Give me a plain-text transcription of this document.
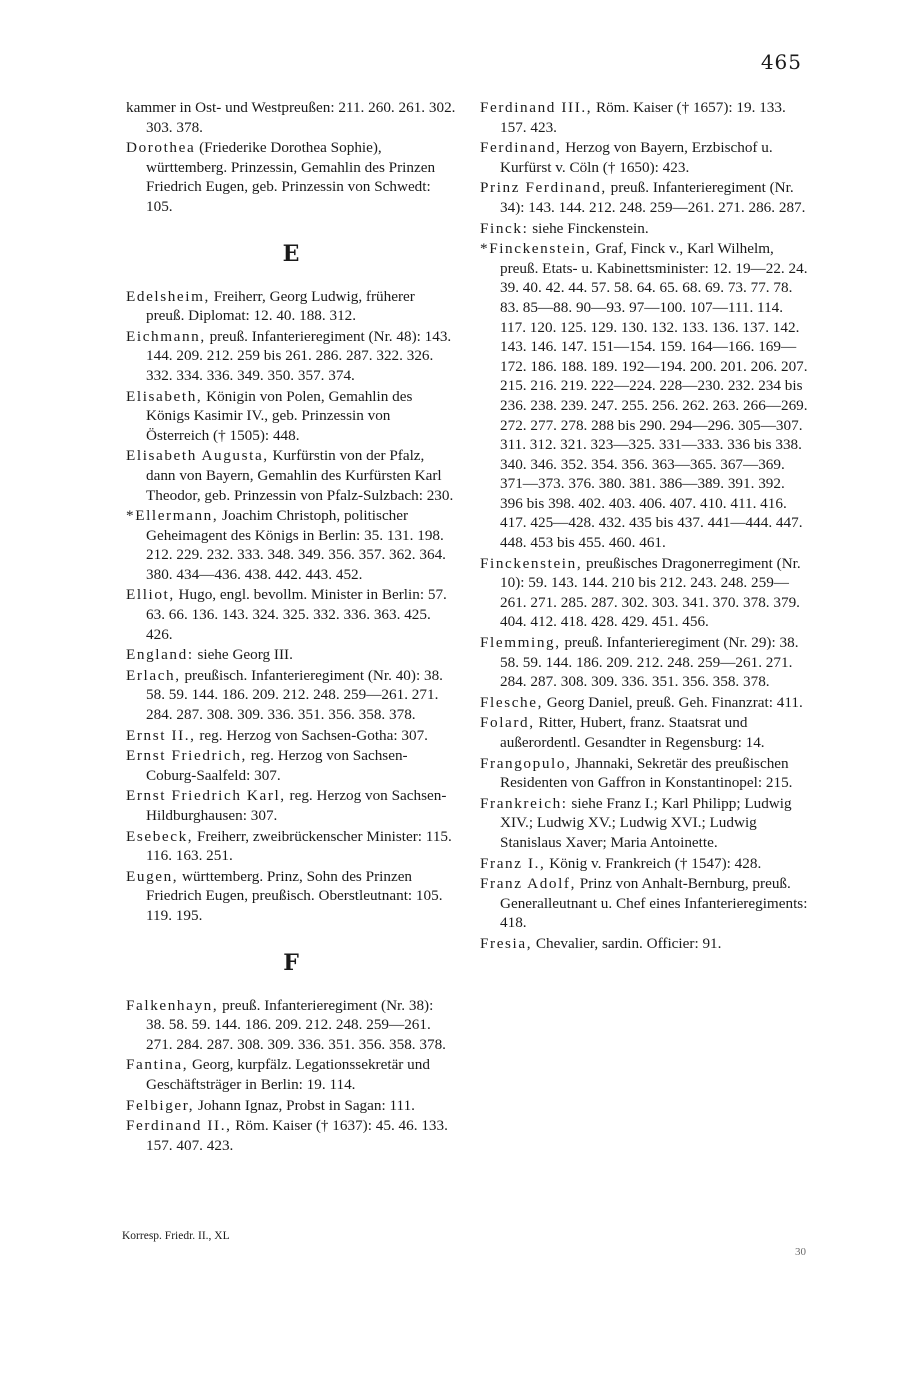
465

kammer in Ost- und Westpreußen: 211. 260. 261. 302. 303. 378.

Dorothea (Friederike Dorothea Sophie), württemberg. Prinzessin, Gemahlin des Prinzen Friedrich Eugen, geb. Prinzessin von Schwedt: 105.

E

Edelsheim, Freiherr, Georg Ludwig, früherer preuß. Diplomat: 12. 40. 188. 312.

Eichmann, preuß. Infanterieregiment (Nr. 48): 143. 144. 209. 212. 259 bis 261. 286. 287. 322. 326. 332. 334. 336. 349. 350. 357. 374.

Elisabeth, Königin von Polen, Gemahlin des Königs Kasimir IV., geb. Prinzessin von Österreich († 1505): 448.

Elisabeth Augusta, Kurfürstin von der Pfalz, dann von Bayern, Gemahlin des Kurfürsten Karl Theodor, geb. Prinzessin von Pfalz-Sulzbach: 230.

*Ellermann, Joachim Christoph, politischer Geheimagent des Königs in Berlin: 35. 131. 198. 212. 229. 232. 333. 348. 349. 356. 357. 362. 364. 380. 434—436. 438. 442. 443. 452.

Elliot, Hugo, engl. bevollm. Minister in Berlin: 57. 63. 66. 136. 143. 324. 325. 332. 336. 363. 425. 426.

England: siehe Georg III.

Erlach, preußisch. Infanterieregiment (Nr. 40): 38. 58. 59. 144. 186. 209. 212. 248. 259—261. 271. 284. 287. 308. 309. 336. 351. 356. 358. 378.

Ernst II., reg. Herzog von Sachsen-Gotha: 307.

Ernst Friedrich, reg. Herzog von Sachsen-Coburg-Saalfeld: 307.

Ernst Friedrich Karl, reg. Herzog von Sachsen-Hildburghausen: 307.

Esebeck, Freiherr, zweibrückenscher Minister: 115. 116. 163. 251.

Eugen, württemberg. Prinz, Sohn des Prinzen Friedrich Eugen, preußisch. Oberstleutnant: 105. 119. 195.

F

Falkenhayn, preuß. Infanterieregiment (Nr. 38): 38. 58. 59. 144. 186. 209. 212. 248. 259—261. 271. 284. 287. 308. 309. 336. 351. 356. 358. 378.

Fantina, Georg, kurpfälz. Legationssekretär und Geschäftsträger in Berlin: 19. 114.

Felbiger, Johann Ignaz, Probst in Sagan: 111.

Ferdinand II., Röm. Kaiser († 1637): 45. 46. 133. 157. 407. 423.

Ferdinand III., Röm. Kaiser († 1657): 19. 133. 157. 423.

Ferdinand, Herzog von Bayern, Erzbischof u. Kurfürst v. Cöln († 1650): 423.

Prinz Ferdinand, preuß. Infanterieregiment (Nr. 34): 143. 144. 212. 248. 259—261. 271. 286. 287.

Finck: siehe Finckenstein.

*Finckenstein, Graf, Finck v., Karl Wilhelm, preuß. Etats- u. Kabinettsminister: 12. 19—22. 24. 39. 40. 42. 44. 57. 58. 64. 65. 68. 69. 73. 77. 78. 83. 85—88. 90—93. 97—100. 107—111. 114. 117. 120. 125. 129. 130. 132. 133. 136. 137. 142. 143. 146. 147. 151—154. 159. 164—166. 169—172. 186. 188. 189. 192—194. 200. 201. 206. 207. 215. 216. 219. 222—224. 228—230. 232. 234 bis 236. 238. 239. 247. 255. 256. 262. 263. 266—269. 272. 277. 278. 288 bis 290. 294—296. 305—307. 311. 312. 321. 323—325. 331—333. 336 bis 338. 340. 346. 352. 354. 356. 363—365. 367—369. 371—373. 376. 380. 381. 386—389. 391. 392. 396 bis 398. 402. 403. 406. 407. 410. 411. 416. 417. 425—428. 432. 435 bis 437. 441—444. 447. 448. 453 bis 455. 460. 461.

Finckenstein, preußisches Dragonerregiment (Nr. 10): 59. 143. 144. 210 bis 212. 243. 248. 259—261. 271. 285. 287. 302. 303. 341. 370. 378. 379. 404. 412. 418. 428. 429. 451. 456.

Flemming, preuß. Infanterieregiment (Nr. 29): 38. 58. 59. 144. 186. 209. 212. 248. 259—261. 271. 284. 287. 308. 309. 336. 351. 356. 358. 378.

Flesche, Georg Daniel, preuß. Geh. Finanzrat: 411.

Folard, Ritter, Hubert, franz. Staatsrat und außerordentl. Gesandter in Regensburg: 14.

Frangopulo, Jhannaki, Sekretär des preußischen Residenten von Gaffron in Konstantinopel: 215.

Frankreich: siehe Franz I.; Karl Philipp; Ludwig XIV.; Ludwig XV.; Ludwig XVI.; Ludwig Stanislaus Xaver; Maria Antoinette.

Franz I., König v. Frankreich († 1547): 428.

Franz Adolf, Prinz von Anhalt-Bernburg, preuß. Generalleutnant u. Chef eines Infanterieregiments: 418.

Fresia, Chevalier, sardin. Officier: 91.

Korresp. Friedr. II., XL
30
